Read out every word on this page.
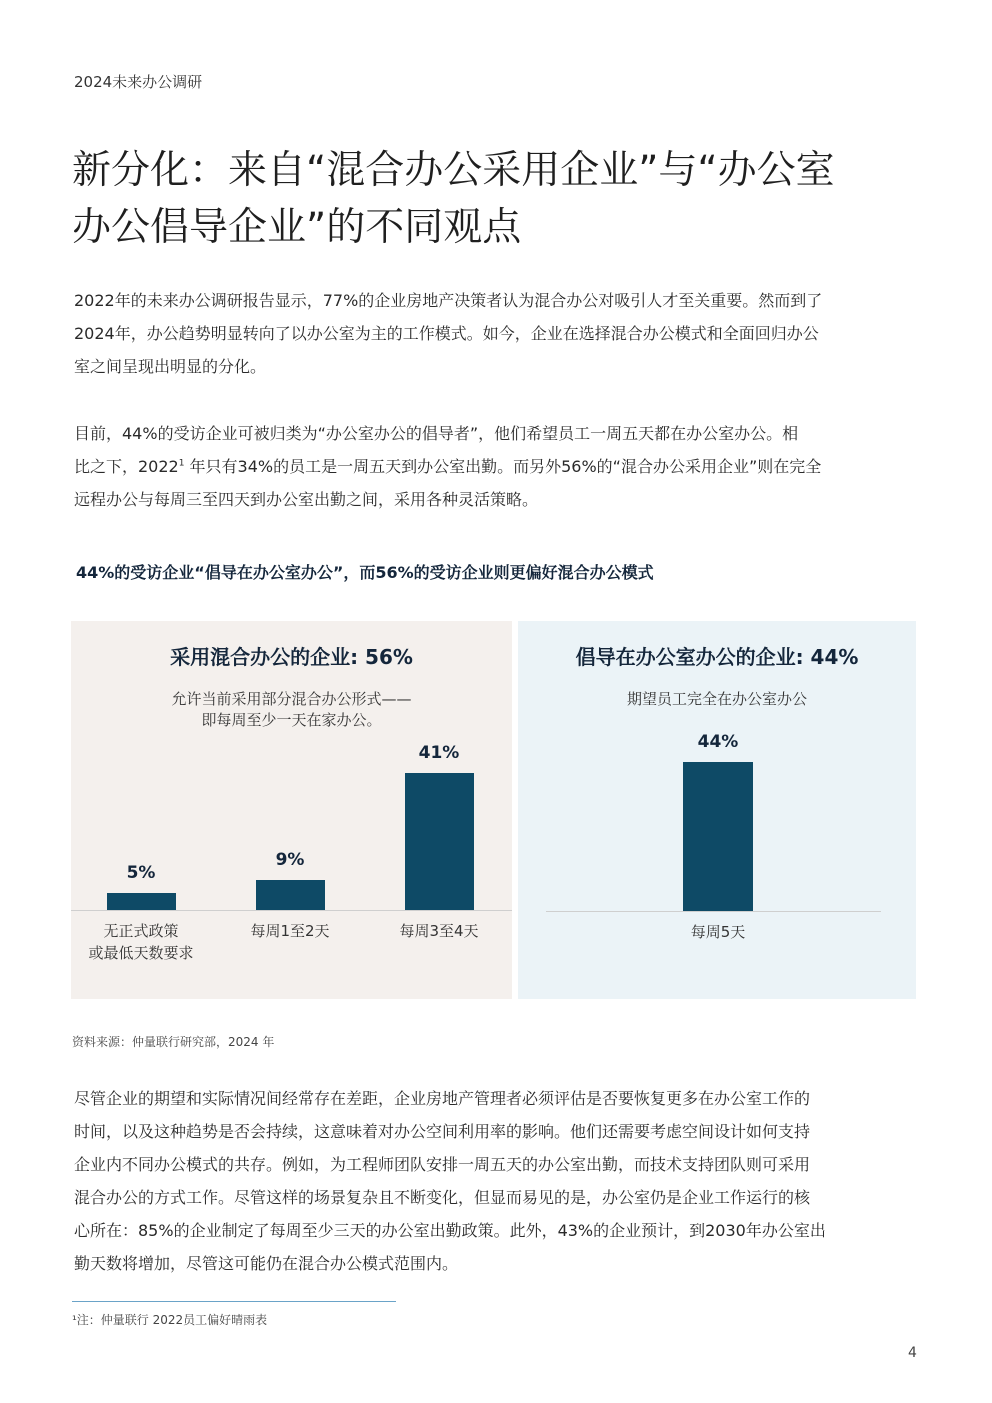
2024未来办公调研
新分化：来自“混合办公采用企业”与“办公室
办公倡导企业”的不同观点

2022年的未来办公调研报告显示，77%的企业房地产决策者认为混合办公对吸引人才至关重要。然而到了
2024年，办公趋势明显转向了以办公室为主的工作模式。如今，企业在选择混合办公模式和全面回归办公
室之间呈现出明显的分化。

目前，44%的受访企业可被归类为“办公室办公的倡导者”，他们希望员工一周五天都在办公室办公。相
比之下，2022$^1$ 年只有34%的员工是一周五天到办公室出勤。而另外56%的“混合办公采用企业”则在完全
远程办公与每周三至四天到办公室出勤之间，采用各种灵活策略。

44%的受访企业“倡导在办公室办公”，而56%的受访企业则更偏好混合办公模式
采用混合办公的企业: 56%
允许当前采用部分混合办公形式——
即每周至少一天在家办公。
5%
无正式政策
或最低天数要求
9%
每周1至2天
41%
每周3至4天
倡导在办公室办公的企业: 44%
期望员工完全在办公室办公
44%
每周5天
资料来源：仲量联行研究部，2024 年

尽管企业的期望和实际情况间经常存在差距，企业房地产管理者必须评估是否要恢复更多在办公室工作的
时间，以及这种趋势是否会持续，这意味着对办公空间利用率的影响。他们还需要考虑空间设计如何支持
企业内不同办公模式的共存。例如，为工程师团队安排一周五天的办公室出勤，而技术支持团队则可采用
混合办公的方式工作。尽管这样的场景复杂且不断变化，但显而易见的是，办公室仍是企业工作运行的核
心所在：85%的企业制定了每周至少三天的办公室出勤政策。此外，43%的企业预计，到2030年办公室出
勤天数将增加，尽管这可能仍在混合办公模式范围内。

¹注：仲量联行 2022员工偏好晴雨表
4
